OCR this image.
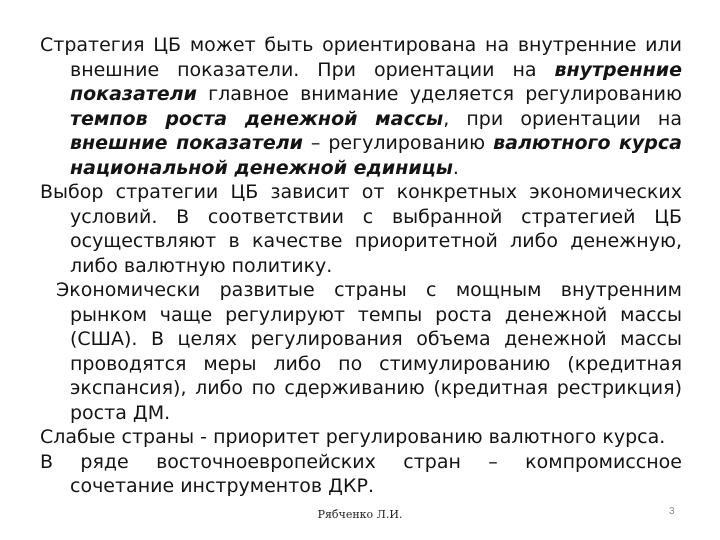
Стратегия ЦБ может быть ориентирована на внутренние или внешние показатели. При ориентации на внутренние показатели главное внимание уделяется регулированию темпов роста денежной массы, при ориентации на внешние показатели – регулированию валютного курса национальной денежной единицы.

Выбор стратегии ЦБ зависит от конкретных экономических условий. В соответствии с выбранной стратегией ЦБ осуществляют в качестве приоритетной либо денежную, либо валютную политику.

Экономически развитые страны с мощным внутренним рынком чаще регулируют темпы роста денежной массы (США). В целях регулирования объема денежной массы проводятся меры либо по стимулированию (кредитная экспансия), либо по сдерживанию (кредитная рестрикция) роста ДМ.

Слабые страны - приоритет регулированию валютного курса.

В ряде восточноевропейских стран – компромиссное сочетание инструментов ДКР.

Рябченко Л.И.	3
